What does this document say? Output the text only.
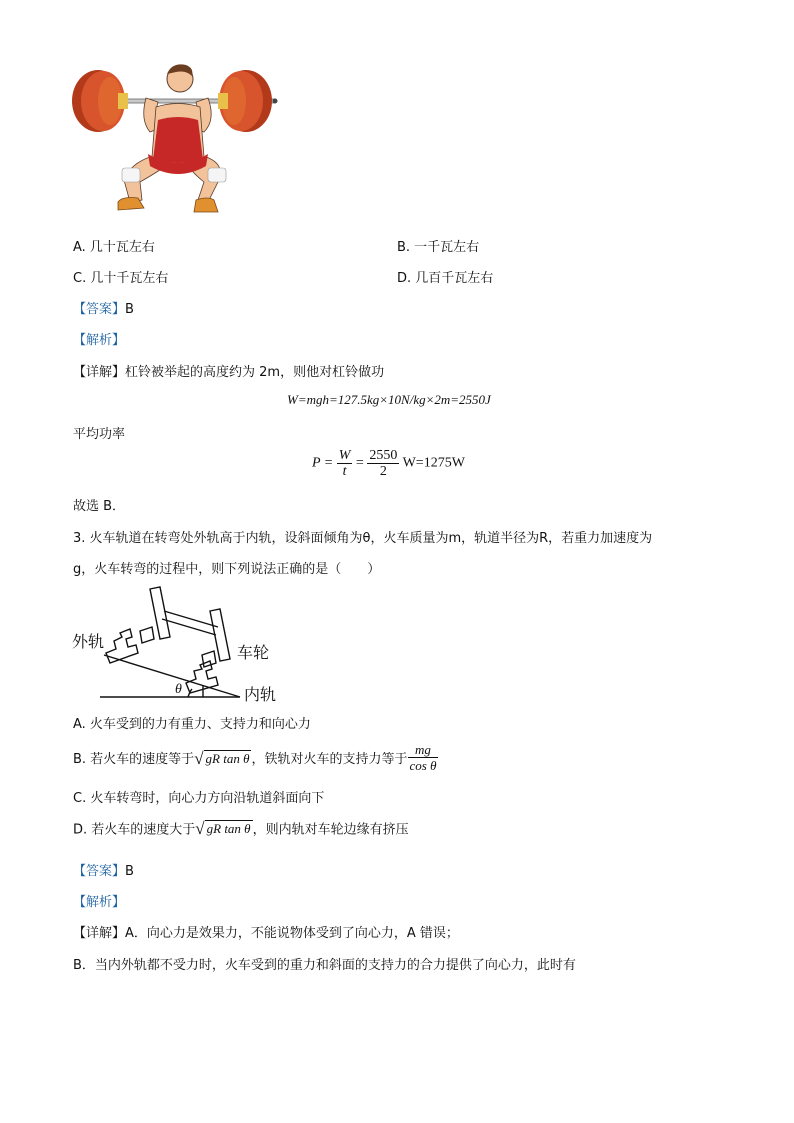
A. 几十瓦左右	B. 一千瓦左右
C. 几十千瓦左右	D. 几百千瓦左右
【答案】B
【解析】
【详解】杠铃被举起的高度约为 2m，则他对杠铃做功
W=mgh=127.5kg×10N/kg×2m=2550J
平均功率
$P = \frac{W}{t} = \frac{2550}{2} W=1275W$
故选 B．
3. 火车轨道在转弯处外轨高于内轨，设斜面倾角为θ，火车质量为m，轨道半径为R，若重力加速度为
g，火车转弯的过程中，则下列说法正确的是（　　）
外轨
车轮
内轨
θ
A. 火车受到的力有重力、支持力和向心力
B. 若火车的速度等于√ gR tan θ ，铁轨对火车的支持力等于 $\frac{mg}{\text{cos θ}}$
C. 火车转弯时，向心力方向沿轨道斜面向下
D. 若火车的速度大于√ gR tan θ ，则内轨对车轮边缘有挤压
【答案】B
【解析】
【详解】A．向心力是效果力，不能说物体受到了向心力，A 错误；
B．当内外轨都不受力时，火车受到的重力和斜面的支持力的合力提供了向心力，此时有
